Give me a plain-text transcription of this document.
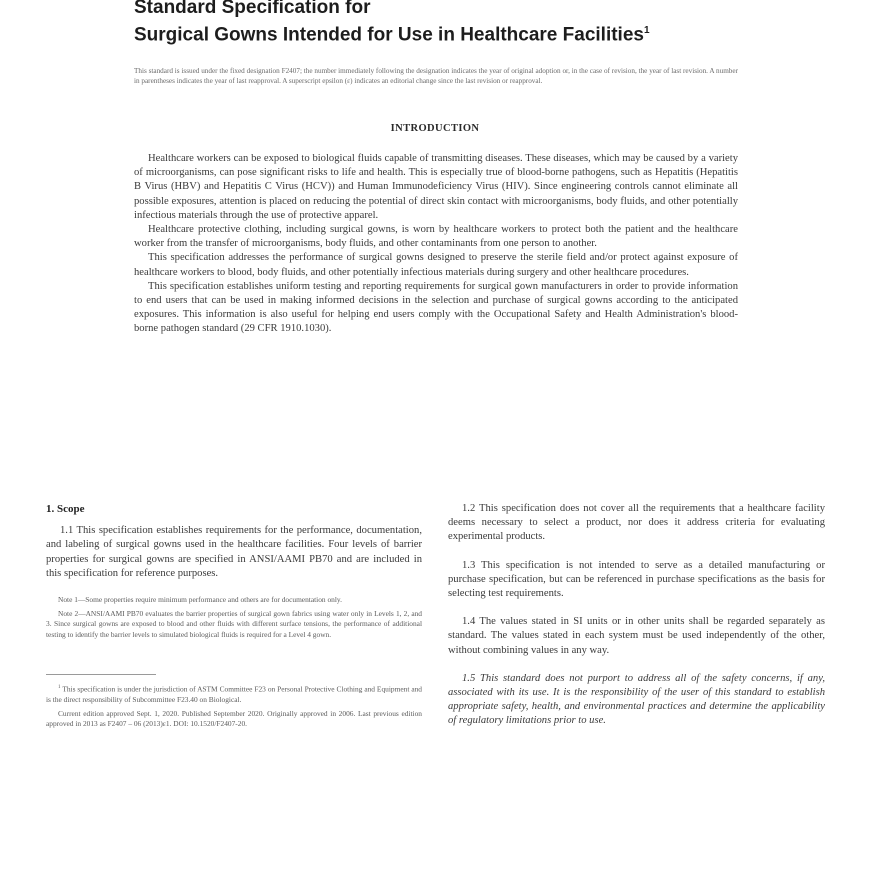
Standard Specification for
Surgical Gowns Intended for Use in Healthcare Facilities$^1$
This standard is issued under the fixed designation F2407; the number immediately following the designation indicates the year of original adoption or, in the case of revision, the year of last revision. A number in parentheses indicates the year of last reapproval. A superscript epsilon (ε) indicates an editorial change since the last revision or reapproval.
INTRODUCTION

Healthcare workers can be exposed to biological fluids capable of transmitting diseases. These diseases, which may be caused by a variety of microorganisms, can pose significant risks to life and health. This is especially true of blood-borne pathogens, such as Hepatitis (Hepatitis B Virus (HBV) and Hepatitis C Virus (HCV)) and Human Immunodeficiency Virus (HIV). Since engineering controls cannot eliminate all possible exposures, attention is placed on reducing the potential of direct skin contact with microorganisms, body fluids, and other potentially infectious materials through the use of protective apparel.

Healthcare protective clothing, including surgical gowns, is worn by healthcare workers to protect both the patient and the healthcare worker from the transfer of microorganisms, body fluids, and other contaminants from one person to another.

This specification addresses the performance of surgical gowns designed to preserve the sterile field and/or protect against exposure of healthcare workers to blood, body fluids, and other potentially infectious materials during surgery and other healthcare procedures.

This specification establishes uniform testing and reporting requirements for surgical gown manufacturers in order to provide information to end users that can be used in making informed decisions in the selection and purchase of surgical gowns according to the anticipated exposures. This information is also useful for helping end users comply with the Occupational Safety and Health Administration's blood-borne pathogen standard (29 CFR 1910.1030).

1. Scope

1.1 This specification establishes requirements for the performance, documentation, and labeling of surgical gowns used in the healthcare facilities. Four levels of barrier properties for surgical gowns are specified in ANSI/AAMI PB70 and are included in this specification for reference purposes.

Note 1—Some properties require minimum performance and others are for documentation only.
Note 2—ANSI/AAMI PB70 evaluates the barrier properties of surgical gown fabrics using water only in Levels 1, 2, and 3. Since surgical gowns are exposed to blood and other fluids with different surface tensions, the performance of additional testing to identify the barrier levels to simulated biological fluids is required for a Level 4 gown.
$^1$ This specification is under the jurisdiction of ASTM Committee F23 on Personal Protective Clothing and Equipment and is the direct responsibility of Subcommittee F23.40 on Biological.
Current edition approved Sept. 1, 2020. Published September 2020. Originally approved in 2006. Last previous edition approved in 2013 as F2407 – 06 (2013)ε1. DOI: 10.1520/F2407-20.

1.2 This specification does not cover all the requirements that a healthcare facility deems necessary to select a product, nor does it address criteria for evaluating experimental products.

1.3 This specification is not intended to serve as a detailed manufacturing or purchase specification, but can be referenced in purchase specifications as the basis for selecting test requirements.

1.4 The values stated in SI units or in other units shall be regarded separately as standard. The values stated in each system must be used independently of the other, without combining values in any way.

1.5 This standard does not purport to address all of the safety concerns, if any, associated with its use. It is the responsibility of the user of this standard to establish appropriate safety, health, and environmental practices and determine the applicability of regulatory limitations prior to use.
